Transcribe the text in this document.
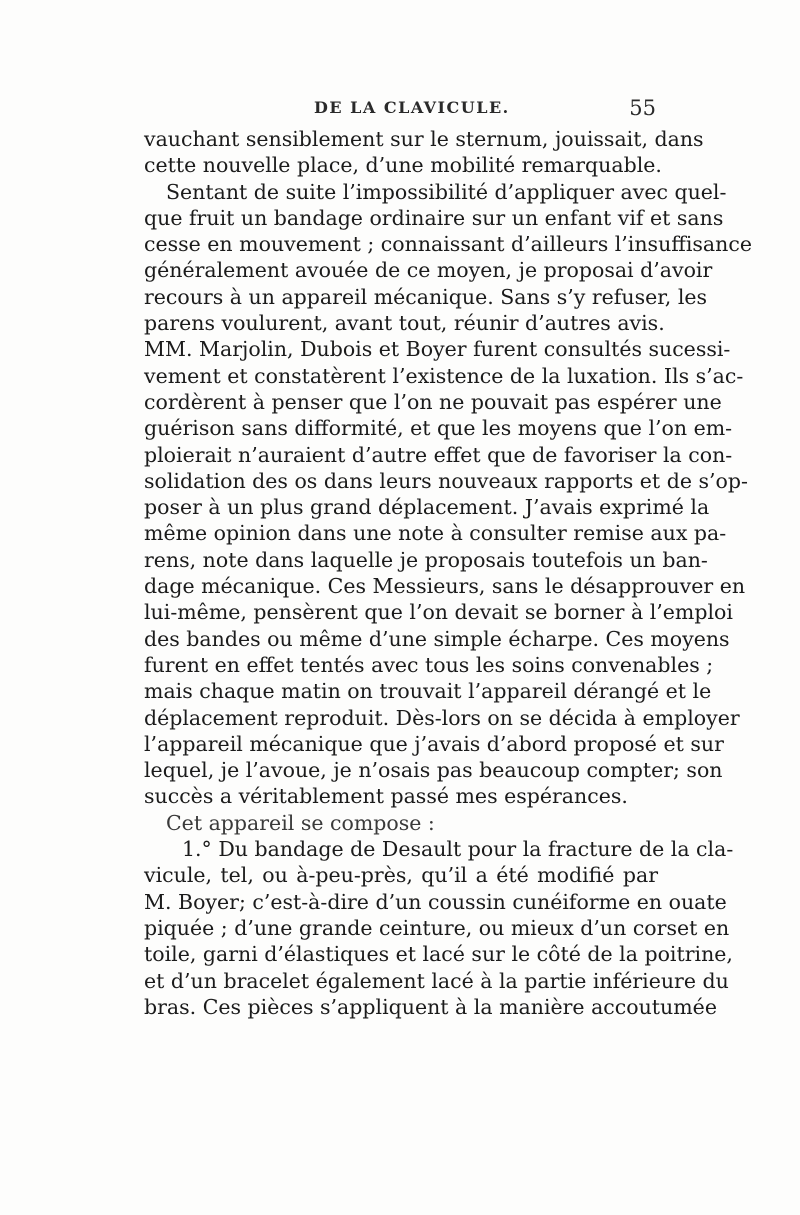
DE LA CLAVICULE.	55
vauchant sensiblement sur le sternum, jouissait, dans
cette nouvelle place, d’une mobilité remarquable.
Sentant de suite l’impossibilité d’appliquer avec quel-
que fruit un bandage ordinaire sur un enfant vif et sans
cesse en mouvement ; connaissant d’ailleurs l’insuffisance
généralement avouée de ce moyen, je proposai d’avoir
recours à un appareil mécanique. Sans s’y refuser, les
parens voulurent, avant tout, réunir d’autres avis.
MM. Marjolin, Dubois et Boyer furent consultés sucessi-
vement et constatèrent l’existence de la luxation. Ils s’ac-
cordèrent à penser que l’on ne pouvait pas espérer une
guérison sans difformité, et que les moyens que l’on em-
ploierait n’auraient d’autre effet que de favoriser la con-
solidation des os dans leurs nouveaux rapports et de s’op-
poser à un plus grand déplacement. J’avais exprimé la
même opinion dans une note à consulter remise aux pa-
rens, note dans laquelle je proposais toutefois un ban-
dage mécanique. Ces Messieurs, sans le désapprouver en
lui-même, pensèrent que l’on devait se borner à l’emploi
des bandes ou même d’une simple écharpe. Ces moyens
furent en effet tentés avec tous les soins convenables ;
mais chaque matin on trouvait l’appareil dérangé et le
déplacement reproduit. Dès-lors on se décida à employer
l’appareil mécanique que j’avais d’abord proposé et sur
lequel, je l’avoue, je n’osais pas beaucoup compter; son
succès a véritablement passé mes espérances.
Cet appareil se compose :
1.° Du bandage de Desault pour la fracture de la cla-
vicule, tel, ou à-peu-près, qu’il a été modifié par
M. Boyer; c’est-à-dire d’un coussin cunéiforme en ouate
piquée ; d’une grande ceinture, ou mieux d’un corset en
toile, garni d’élastiques et lacé sur le côté de la poitrine,
et d’un bracelet également lacé à la partie inférieure du
bras. Ces pièces s’appliquent à la manière accoutumée
